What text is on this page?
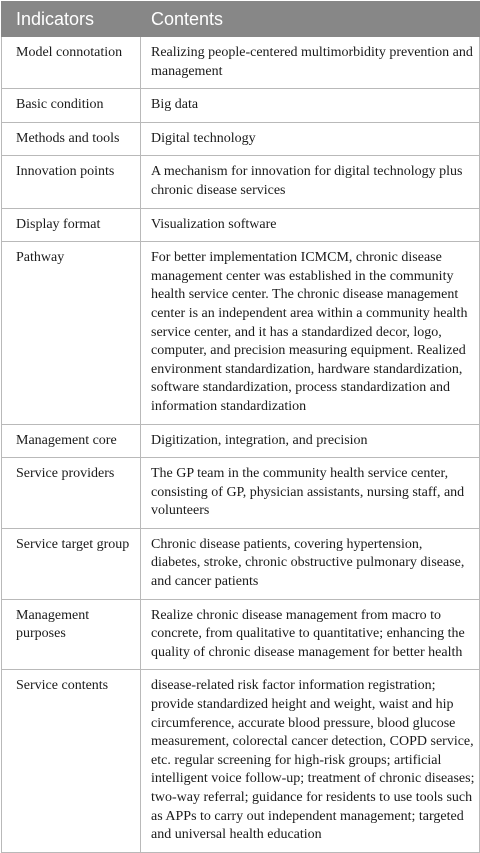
Indicators	Contents
Model connotation	Realizing people-centered multimorbidity prevention and management
Basic condition	Big data
Methods and tools	Digital technology
Innovation points	A mechanism for innovation for digital technology plus chronic disease services
Display format	Visualization software
Pathway	For better implementation ICMCM, chronic disease management center was established in the community health service center. The chronic disease management center is an independent area within a community health service center, and it has a standardized decor, logo, computer, and precision measuring equipment. Realized environment standardization, hardware standardization, software standardization, process standardization and information standardization
Management core	Digitization, integration, and precision
Service providers	The GP team in the community health service center, consisting of GP, physician assistants, nursing staff, and volunteers
Service target group	Chronic disease patients, covering hypertension, diabetes, stroke, chronic obstructive pulmonary disease, and cancer patients
Management purposes	Realize chronic disease management from macro to concrete, from qualitative to quantitative; enhancing the quality of chronic disease management for better health
Service contents	disease-related risk factor information registration; provide standardized height and weight, waist and hip circumference, accurate blood pressure, blood glucose measurement, colorectal cancer detection, COPD service, etc. regular screening for high-risk groups; artificial intelligent voice follow-up; treatment of chronic diseases; two-way referral; guidance for residents to use tools such as APPs to carry out independent management; targeted and universal health education
